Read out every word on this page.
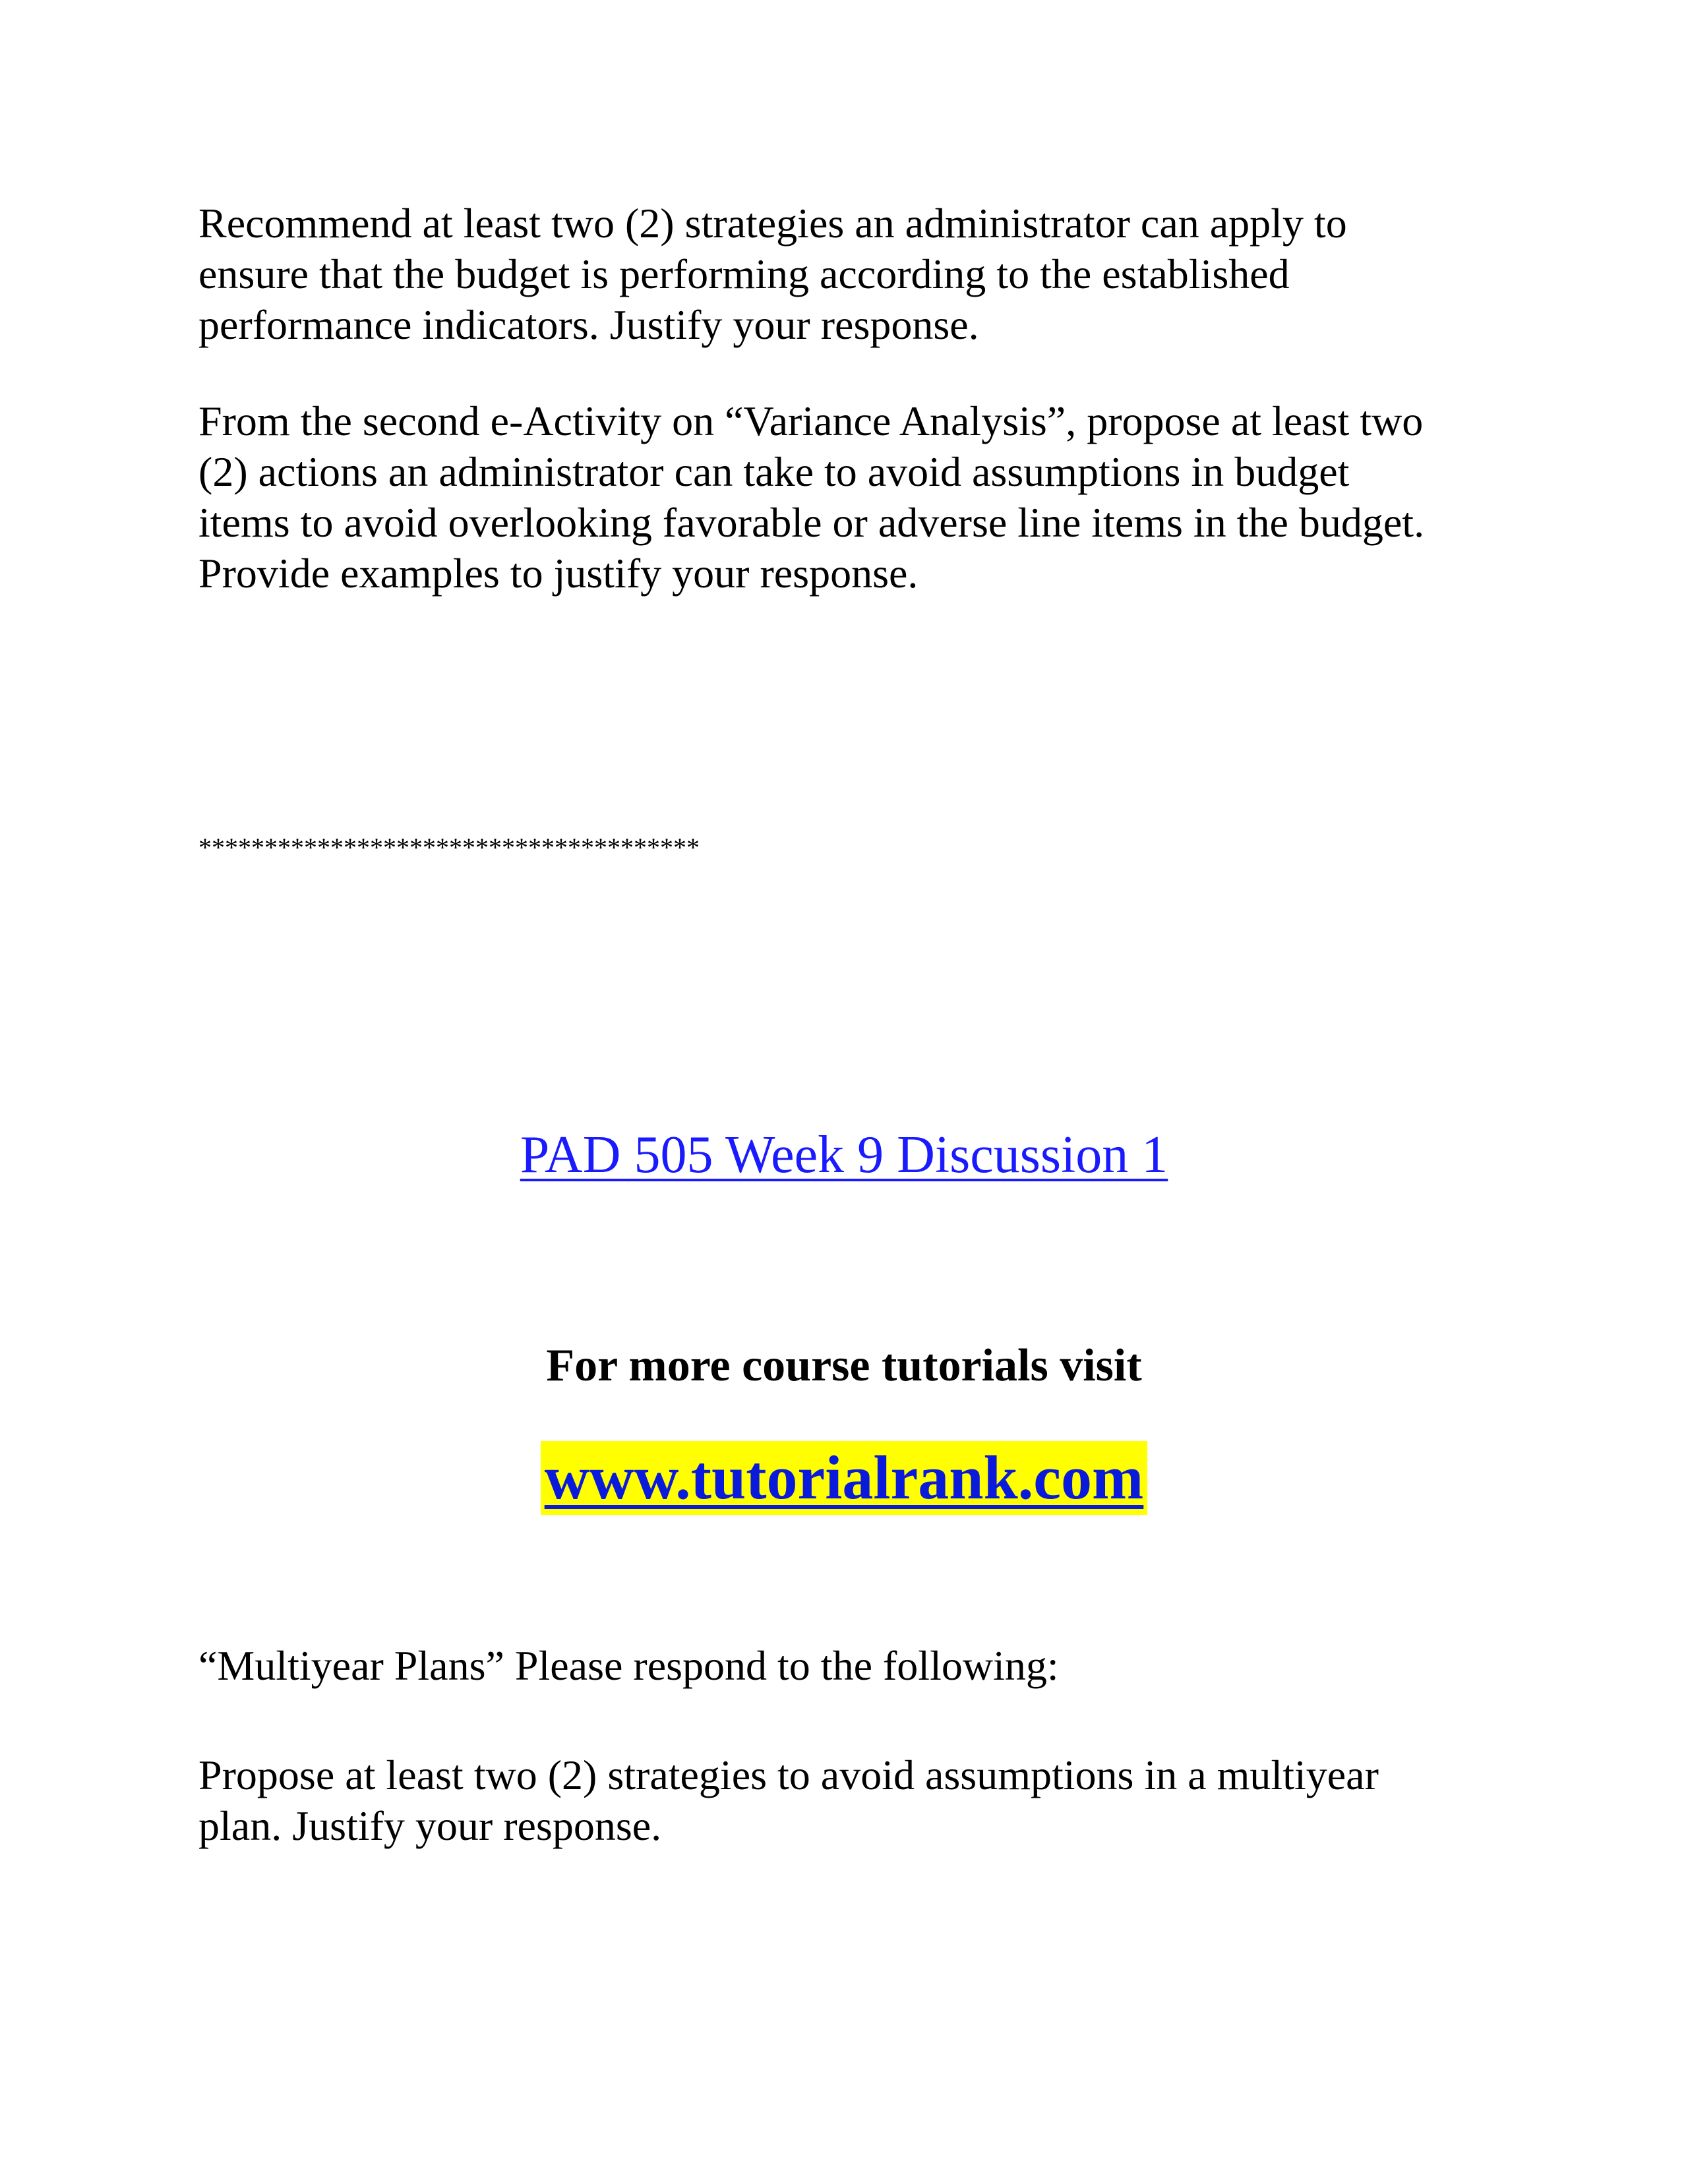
Recommend at least two (2) strategies an administrator can apply to
ensure that the budget is performing according to the established
performance indicators. Justify your response.

From the second e-Activity on “Variance Analysis”, propose at least two
(2) actions an administrator can take to avoid assumptions in budget
items to avoid overlooking favorable or adverse line items in the budget.
Provide examples to justify your response.

**************************************
PAD 505 Week 9 Discussion 1
For more course tutorials visit
www.tutorialrank.com

“Multiyear Plans” Please respond to the following:

Propose at least two (2) strategies to avoid assumptions in a multiyear
plan. Justify your response.
